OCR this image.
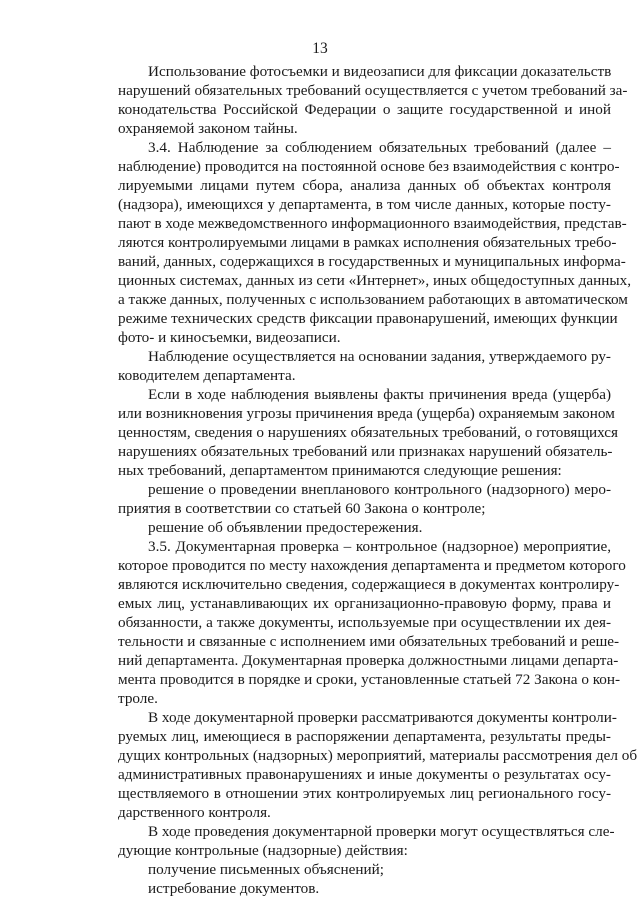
13
Использование фотосъемки и видеозаписи для фиксации доказательств
нарушений обязательных требований осуществляется с учетом требований за-
конодательства Российской Федерации о защите государственной и иной
охраняемой законом тайны.
3.4. Наблюдение за соблюдением обязательных требований (далее –
наблюдение) проводится на постоянной основе без взаимодействия с контро-
лируемыми лицами путем сбора, анализа данных об объектах контроля
(надзора), имеющихся у департамента, в том числе данных, которые посту-
пают в ходе межведомственного информационного взаимодействия, представ-
ляются контролируемыми лицами в рамках исполнения обязательных требо-
ваний, данных, содержащихся в государственных и муниципальных информа-
ционных системах, данных из сети «Интернет», иных общедоступных данных,
а также данных, полученных с использованием работающих в автоматическом
режиме технических средств фиксации правонарушений, имеющих функции
фото- и киносъемки, видеозаписи.
Наблюдение осуществляется на основании задания, утверждаемого ру-
ководителем департамента.
Если в ходе наблюдения выявлены факты причинения вреда (ущерба)
или возникновения угрозы причинения вреда (ущерба) охраняемым законом
ценностям, сведения о нарушениях обязательных требований, о готовящихся
нарушениях обязательных требований или признаках нарушений обязатель-
ных требований, департаментом принимаются следующие решения:
решение о проведении внепланового контрольного (надзорного) меро-
приятия в соответствии со статьей 60 Закона о контроле;
решение об объявлении предостережения.
3.5. Документарная проверка – контрольное (надзорное) мероприятие,
которое проводится по месту нахождения департамента и предметом которого
являются исключительно сведения, содержащиеся в документах контролиру-
емых лиц, устанавливающих их организационно-правовую форму, права и
обязанности, а также документы, используемые при осуществлении их дея-
тельности и связанные с исполнением ими обязательных требований и реше-
ний департамента. Документарная проверка должностными лицами департа-
мента проводится в порядке и сроки, установленные статьей 72 Закона о кон-
троле.
В ходе документарной проверки рассматриваются документы контроли-
руемых лиц, имеющиеся в распоряжении департамента, результаты преды-
дущих контрольных (надзорных) мероприятий, материалы рассмотрения дел об
административных правонарушениях и иные документы о результатах осу-
ществляемого в отношении этих контролируемых лиц регионального госу-
дарственного контроля.
В ходе проведения документарной проверки могут осуществляться сле-
дующие контрольные (надзорные) действия:
получение письменных объяснений;
истребование документов.
